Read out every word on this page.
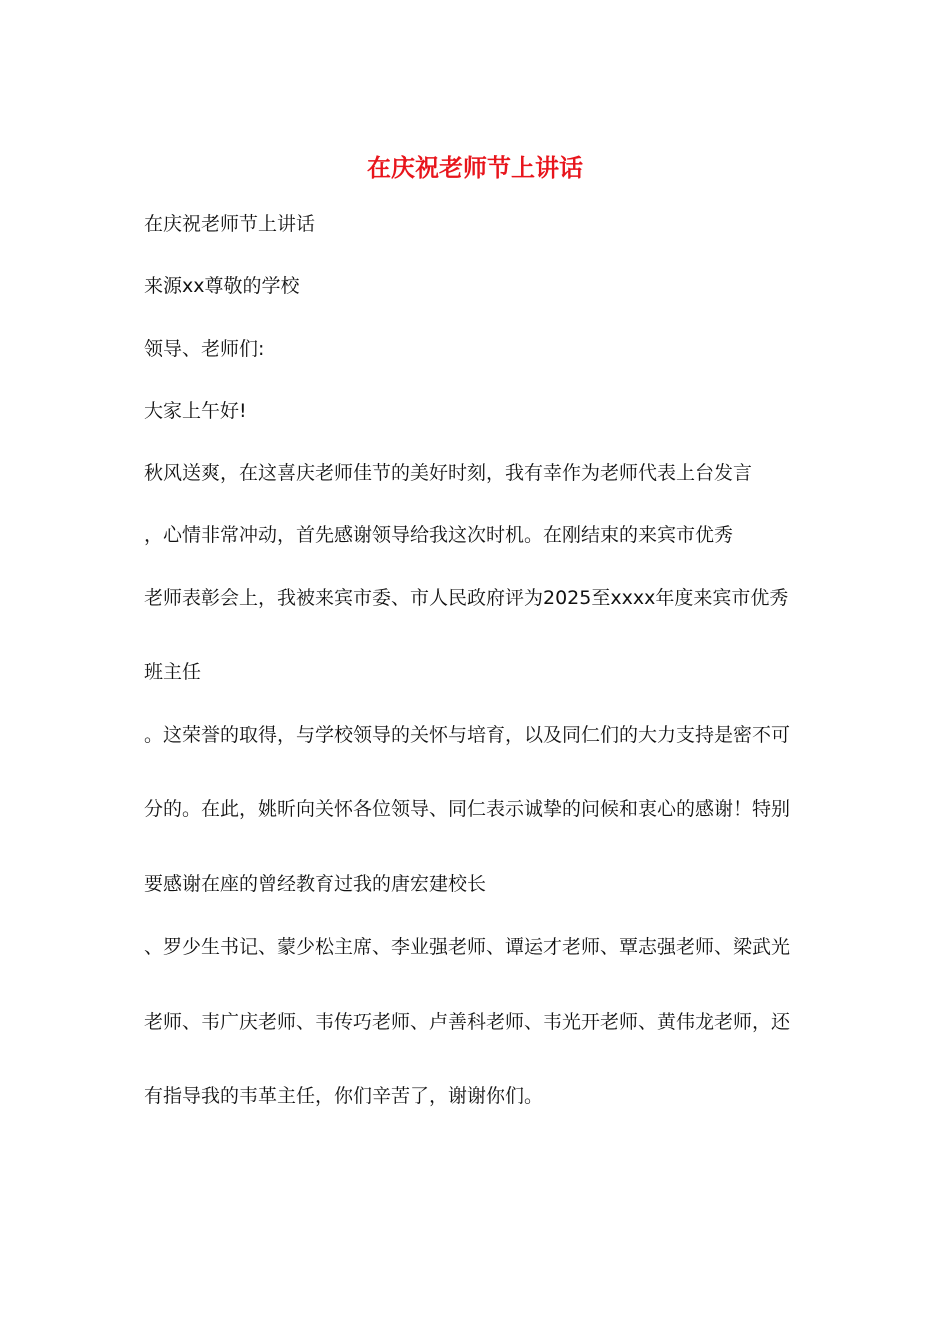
在庆祝老师节上讲话
在庆祝老师节上讲话
来源xx尊敬的学校
领导、老师们:
大家上午好!
秋风送爽，在这喜庆老师佳节的美好时刻，我有幸作为老师代表上台发言
，心情非常冲动，首先感谢领导给我这次时机。在刚结束的来宾市优秀
老师表彰会上，我被来宾市委、市人民政府评为2025至xxxx年度来宾市优秀
班主任
。这荣誉的取得，与学校领导的关怀与培育，以及同仁们的大力支持是密不可
分的。在此，姚昕向关怀各位领导、同仁表示诚挚的问候和衷心的感谢！特别
要感谢在座的曾经教育过我的唐宏建校长
、罗少生书记、蒙少松主席、李业强老师、谭运才老师、覃志强老师、梁武光
老师、韦广庆老师、韦传巧老师、卢善科老师、韦光开老师、黄伟龙老师，还
有指导我的韦革主任，你们辛苦了，谢谢你们。
